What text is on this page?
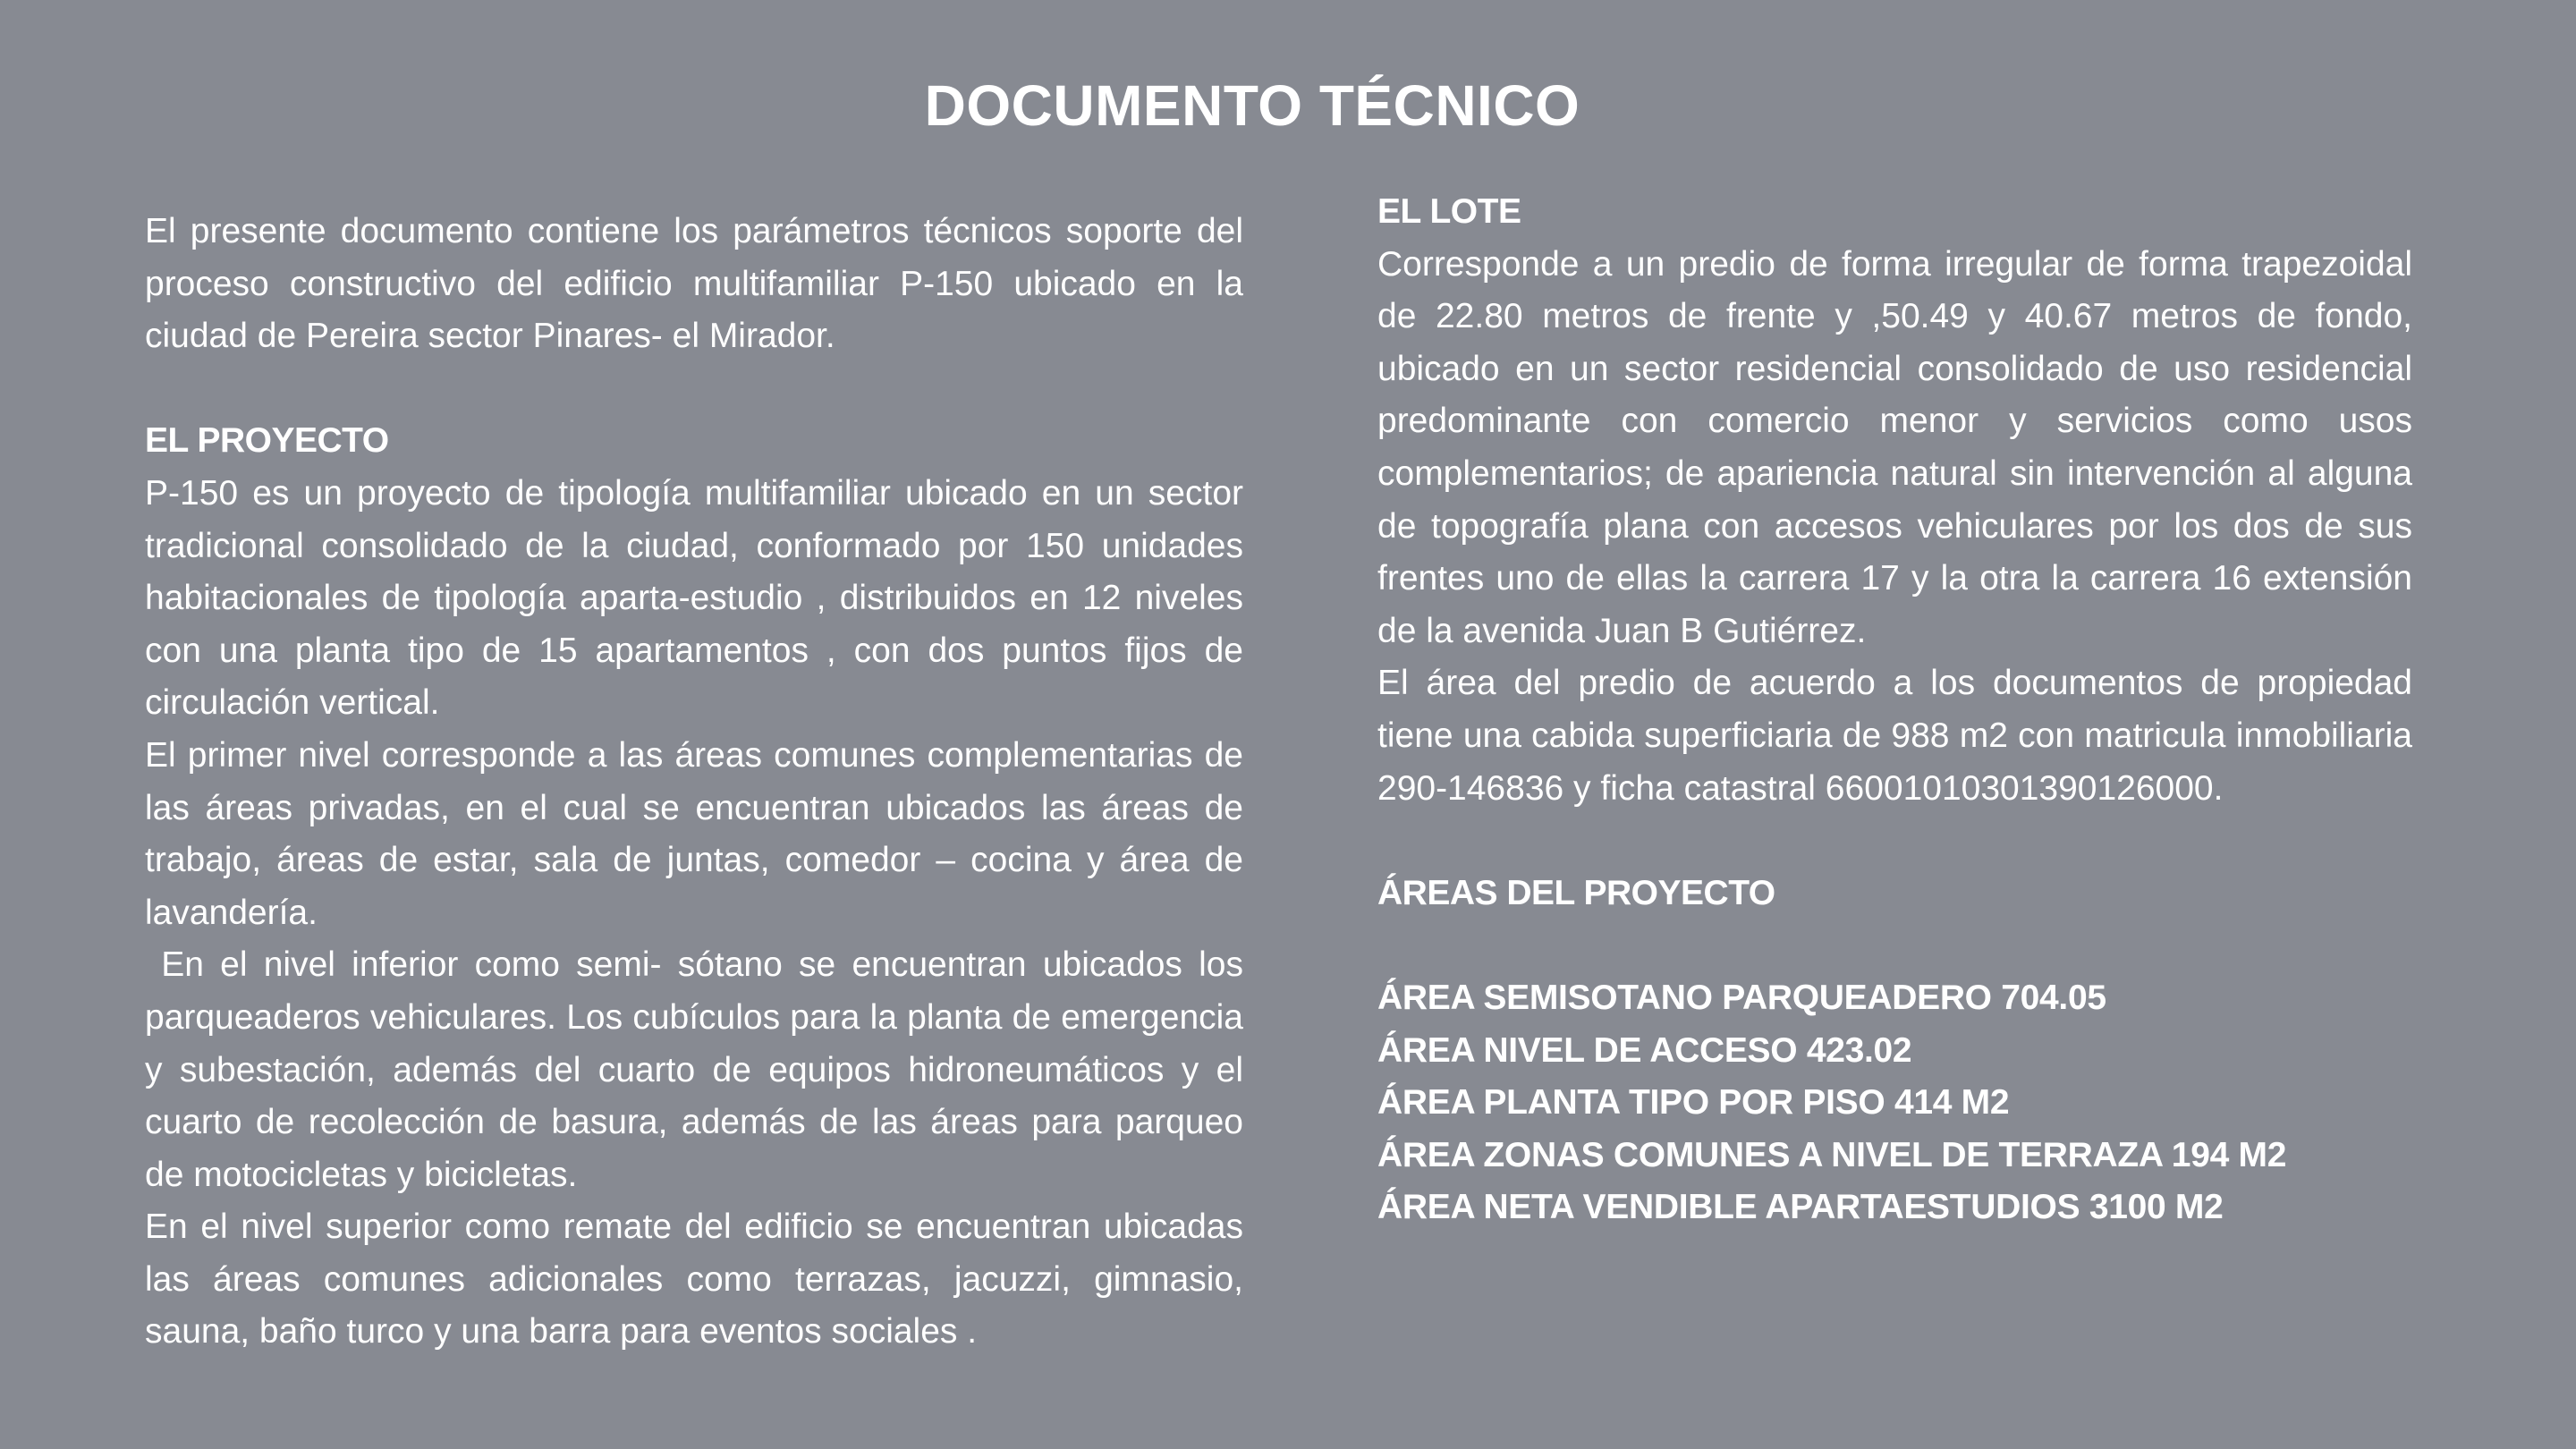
DOCUMENTO TÉCNICO

El presente documento contiene los parámetros técnicos soporte del proceso constructivo del edificio multifamiliar P-150 ubicado en la ciudad de Pereira sector Pinares- el Mirador.

EL PROYECTO

P-150 es un proyecto de tipología multifamiliar ubicado en un sector tradicional consolidado de la ciudad, conformado por 150 unidades habitacionales de tipología aparta-estudio , distribuidos en 12 niveles con una planta tipo de 15 apartamentos , con dos puntos fijos de circulación vertical.

El primer nivel corresponde a las áreas comunes complementarias de las áreas privadas, en el cual se encuentran ubicados las áreas de trabajo, áreas de estar, sala de juntas, comedor – cocina y área de lavandería.

En el nivel inferior como semi- sótano se encuentran ubicados los parqueaderos vehiculares. Los cubículos para la planta de emergencia y subestación, además del cuarto de equipos hidroneumáticos y el cuarto de recolección de basura, además de las áreas para parqueo de motocicletas y bicicletas.

En el nivel superior como remate del edificio se encuentran ubicadas las áreas comunes adicionales como terrazas, jacuzzi, gimnasio, sauna, baño turco y una barra para eventos sociales .

EL LOTE

Corresponde a un predio de forma irregular de forma trapezoidal de 22.80 metros de frente y ,50.49 y 40.67 metros de fondo, ubicado en un sector residencial consolidado de uso residencial predominante con comercio menor y servicios como usos complementarios; de apariencia natural sin intervención al alguna de topografía plana con accesos vehiculares por los dos de sus frentes uno de ellas la carrera 17 y la otra la carrera 16 extensión de la avenida Juan B Gutiérrez.

El área del predio de acuerdo a los documentos de propiedad tiene una cabida superficiaria de 988 m2 con matricula inmobiliaria 290-146836 y ficha catastral 66001010301390126000.

ÁREAS DEL PROYECTO
ÁREA SEMISOTANO PARQUEADERO 704.05
ÁREA NIVEL DE ACCESO 423.02
ÁREA PLANTA TIPO POR PISO 414 M2
ÁREA ZONAS COMUNES A NIVEL DE TERRAZA 194 M2
ÁREA NETA VENDIBLE APARTAESTUDIOS 3100 M2
